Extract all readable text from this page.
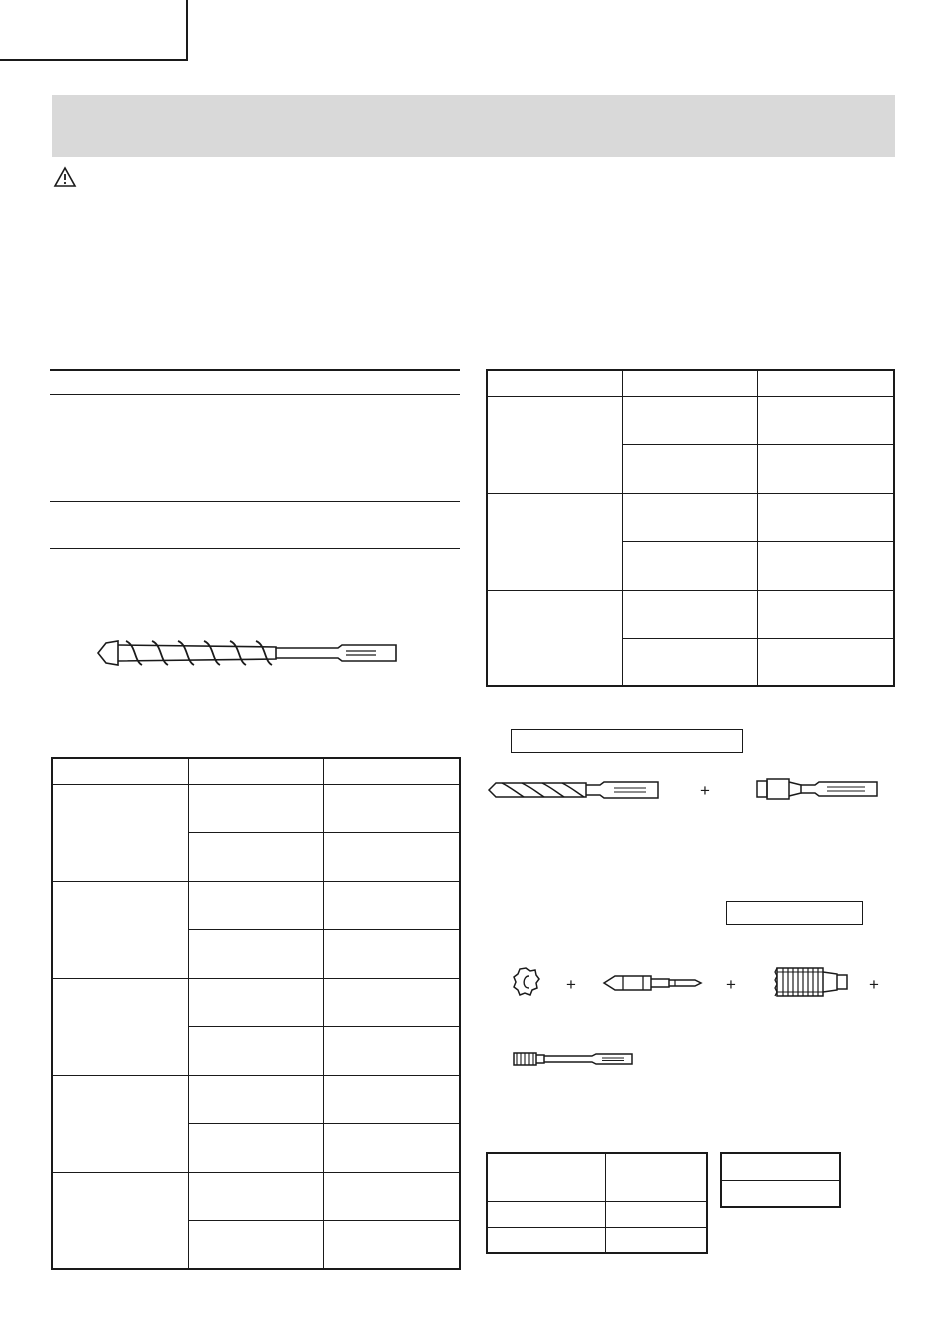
+
+	+	+
